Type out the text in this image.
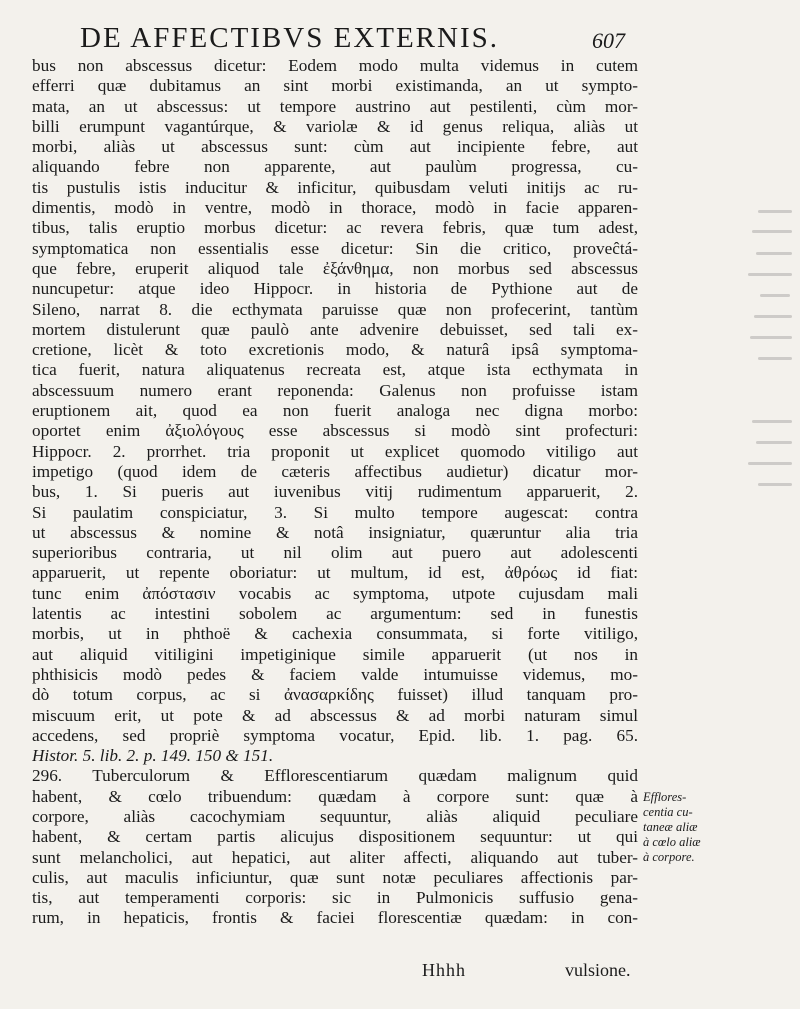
DE AFFECTIBVS EXTERNIS.	607
bus non abscessus dicetur: Eodem modo multa videmus in cutem
efferri quæ dubitamus an sint morbi existimanda, an ut sympto-
mata, an ut abscessus: ut tempore austrino aut pestilenti, cùm mor-
billi erumpunt vagantúrque, & variolæ & id genus reliqua, aliàs ut
morbi, aliàs ut abscessus sunt: cùm aut incipiente febre, aut
aliquando febre non apparente, aut paulùm progressa, cu-
tis pustulis istis inducitur & inficitur, quibusdam veluti initijs ac ru-
dimentis, modò in ventre, modò in thorace, modò in facie apparen-
tibus, talis eruptio morbus dicetur: ac revera febris, quæ tum adest,
symptomatica non essentialis esse dicetur: Sin die critico, proveĉtá-
que febre, eruperit aliquod tale ἐξάνθημα, non morbus sed abscessus
nuncupetur: atque ideo Hippocr. in historia de Pythione aut de
Sileno, narrat 8. die ecthymata paruisse quæ non profecerint, tantùm
mortem distulerunt quæ paulò ante advenire debuisset, sed tali ex-
cretione, licèt & toto excretionis modo, & naturâ ipsâ symptoma-
tica fuerit, natura aliquatenus recreata est, atque ista ecthymata in
abscessuum numero erant reponenda: Galenus non profuisse istam
eruptionem ait, quod ea non fuerit analoga nec digna morbo:
oportet enim ἀξιολόγους esse abscessus si modò sint profecturi:
Hippocr. 2. prorrhet. tria proponit ut explicet quomodo vitiligo aut
impetigo (quod idem de cæteris affectibus audietur) dicatur mor-
bus, 1. Si pueris aut iuvenibus vitij rudimentum apparuerit, 2.
Si paulatim conspiciatur, 3. Si multo tempore augescat: contra
ut abscessus & nomine & notâ insigniatur, quæruntur alia tria
superioribus contraria, ut nil olim aut puero aut adolescenti
apparuerit, ut repente oboriatur: ut multum, id est, ἀθρόως id fiat:
tunc enim ἀπόστασιν vocabis ac symptoma, utpote cujusdam mali
latentis ac intestini sobolem ac argumentum: sed in funestis
morbis, ut in phthoë & cachexia consummata, si forte vitiligo,
aut aliquid vitiligini impetiginique simile apparuerit (ut nos in
phthisicis modò pedes & faciem valde intumuisse videmus, mo-
dò totum corpus, ac si ἀνασαρκίδης fuisset) illud tanquam pro-
miscuum erit, ut pote & ad abscessus & ad morbi naturam simul
accedens, sed propriè symptoma vocatur, Epid. lib. 1. pag. 65.
Histor. 5. lib. 2. p. 149. 150 & 151.
296. Tuberculorum & Efflorescentiarum quædam malignum quid
habent, & cœlo tribuendum: quædam à corpore sunt: quæ à
corpore, aliàs cacochymiam sequuntur, aliàs aliquid peculiare
habent, & certam partis alicujus dispositionem sequuntur: ut qui
sunt melancholici, aut hepatici, aut aliter affecti, aliquando aut tuber-
culis, aut maculis inficiuntur, quæ sunt notæ peculiares affectionis par-
tis, aut temperamenti corporis: sic in Pulmonicis suffusio gena-
rum, in hepaticis, frontis & faciei florescentiæ quædam: in con-
Efflores-
centia cu-
taneæ aliæ
à cœlo aliæ
à corpore.
Hhhh	vulsione.
